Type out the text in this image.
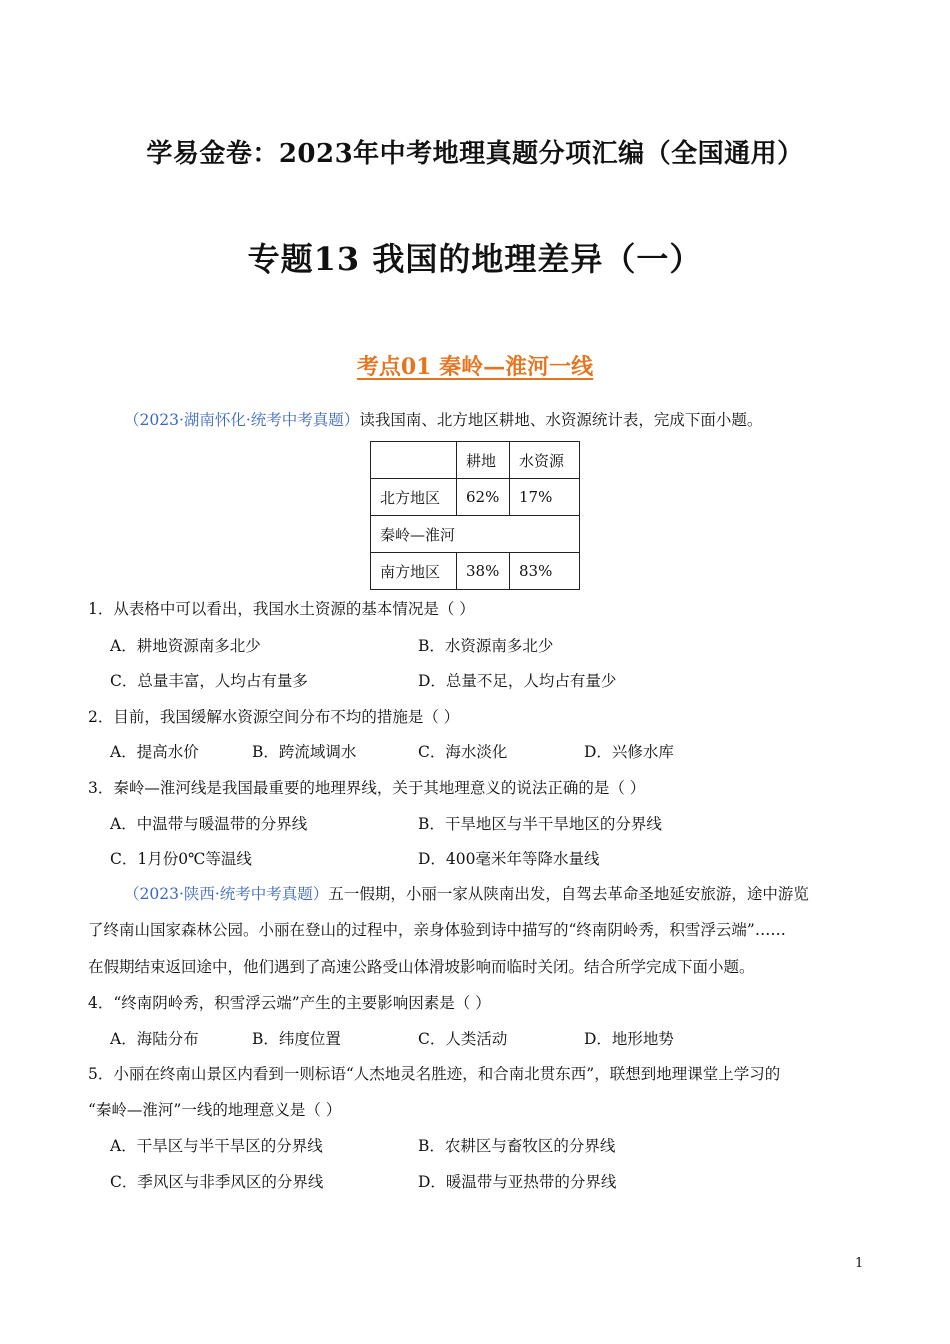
学易金卷：2023年中考地理真题分项汇编（全国通用）
专题13 我国的地理差异（一）
考点01 秦岭—淮河一线
（2023·湖南怀化·统考中考真题）读我国南、北方地区耕地、水资源统计表，完成下面小题。
	耕地	水资源
北方地区	62%	17%
秦岭—淮河		
南方地区	38%	83%
1．从表格中可以看出，我国水土资源的基本情况是（ ）
A．耕地资源南多北少	B．水资源南多北少
C．总量丰富，人均占有量多	D．总量不足，人均占有量少
2．目前，我国缓解水资源空间分布不均的措施是（ ）
A．提高水价	B．跨流域调水	C．海水淡化	D．兴修水库
3．秦岭—淮河线是我国最重要的地理界线，关于其地理意义的说法正确的是（ ）
A．中温带与暖温带的分界线	B．干旱地区与半干旱地区的分界线
C．1月份0℃等温线	D．400毫米年等降水量线
（2023·陕西·统考中考真题）五一假期，小丽一家从陕南出发，自驾去革命圣地延安旅游，途中游览
了终南山国家森林公园。小丽在登山的过程中，亲身体验到诗中描写的“终南阴岭秀，积雪浮云端”……
在假期结束返回途中，他们遇到了高速公路受山体滑坡影响而临时关闭。结合所学完成下面小题。
4．“终南阴岭秀，积雪浮云端”产生的主要影响因素是（ ）
A．海陆分布	B．纬度位置	C．人类活动	D．地形地势
5．小丽在终南山景区内看到一则标语“人杰地灵名胜迹，和合南北贯东西”，联想到地理课堂上学习的
“秦岭—淮河”一线的地理意义是（ ）
A．干旱区与半干旱区的分界线	B．农耕区与畜牧区的分界线
C．季风区与非季风区的分界线	D．暖温带与亚热带的分界线
1
